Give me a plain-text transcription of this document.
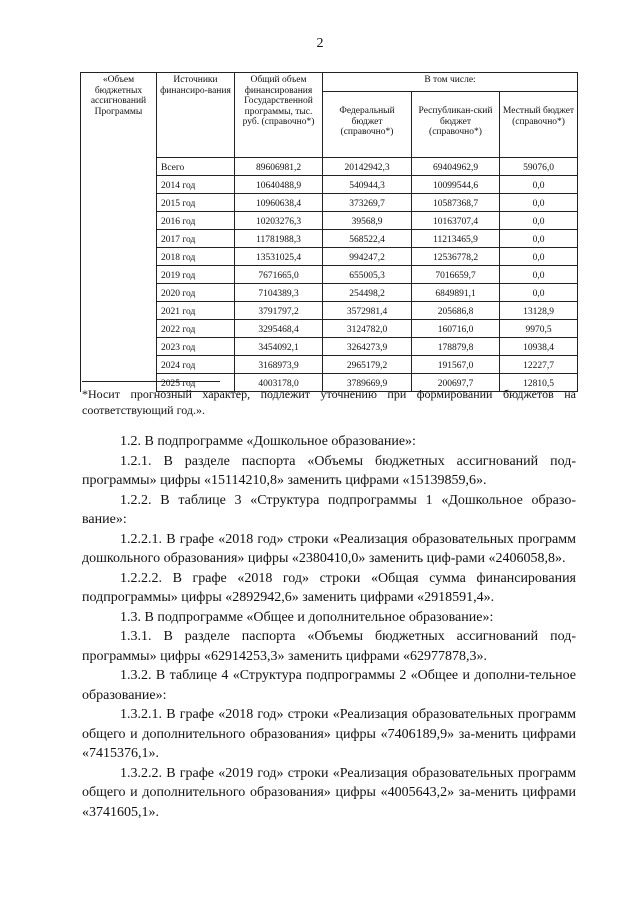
2
«Объем бюджетных ассигнований Программы	Источники финансиро-вания	Общий объем финансирования Государственной программы, тыс. руб. (справочно*)	В том числе:		
			Федеральный бюджет (справочно*)	Республикан-ский бюджет (справочно*)	Местный бюджет (справочно*)
	Всего	89606981,2	20142942,3	69404962,9	59076,0
	2014 год	10640488,9	540944,3	10099544,6	0,0
	2015 год	10960638,4	373269,7	10587368,7	0,0
	2016 год	10203276,3	39568,9	10163707,4	0,0
	2017 год	11781988,3	568522,4	11213465,9	0,0
	2018 год	13531025,4	994247,2	12536778,2	0,0
	2019 год	7671665,0	655005,3	7016659,7	0,0
	2020 год	7104389,3	254498,2	6849891,1	0,0
	2021 год	3791797,2	3572981,4	205686,8	13128,9
	2022 год	3295468,4	3124782,0	160716,0	9970,5
	2023 год	3454092,1	3264273,9	178879,8	10938,4
	2024 год	3168973,9	2965179,2	191567,0	12227,7
	2025 год	4003178,0	3789669,9	200697,7	12810,5
*Носит прогнозный характер, подлежит уточнению при формировании бюджетов на соответствующий год.».

1.2. В подпрограмме «Дошкольное образование»:

1.2.1. В разделе паспорта «Объемы бюджетных ассигнований под-программы» цифры «15114210,8» заменить цифрами «15139859,6».

1.2.2. В таблице 3 «Структура подпрограммы 1 «Дошкольное образо-вание»:

1.2.2.1. В графе «2018 год» строки «Реализация образовательных программ дошкольного образования» цифры «2380410,0» заменить циф-рами «2406058,8».

1.2.2.2. В графе «2018 год» строки «Общая сумма финансирования подпрограммы» цифры «2892942,6» заменить цифрами «2918591,4».

1.3. В подпрограмме «Общее и дополнительное образование»:

1.3.1. В разделе паспорта «Объемы бюджетных ассигнований под-программы» цифры «62914253,3» заменить цифрами «62977878,3».

1.3.2. В таблице 4 «Структура подпрограммы 2 «Общее и дополни-тельное образование»:

1.3.2.1. В графе «2018 год» строки «Реализация образовательных программ общего и дополнительного образования» цифры «7406189,9» за-менить цифрами «7415376,1».

1.3.2.2. В графе «2019 год» строки «Реализация образовательных программ общего и дополнительного образования» цифры «4005643,2» за-менить цифрами «3741605,1».
